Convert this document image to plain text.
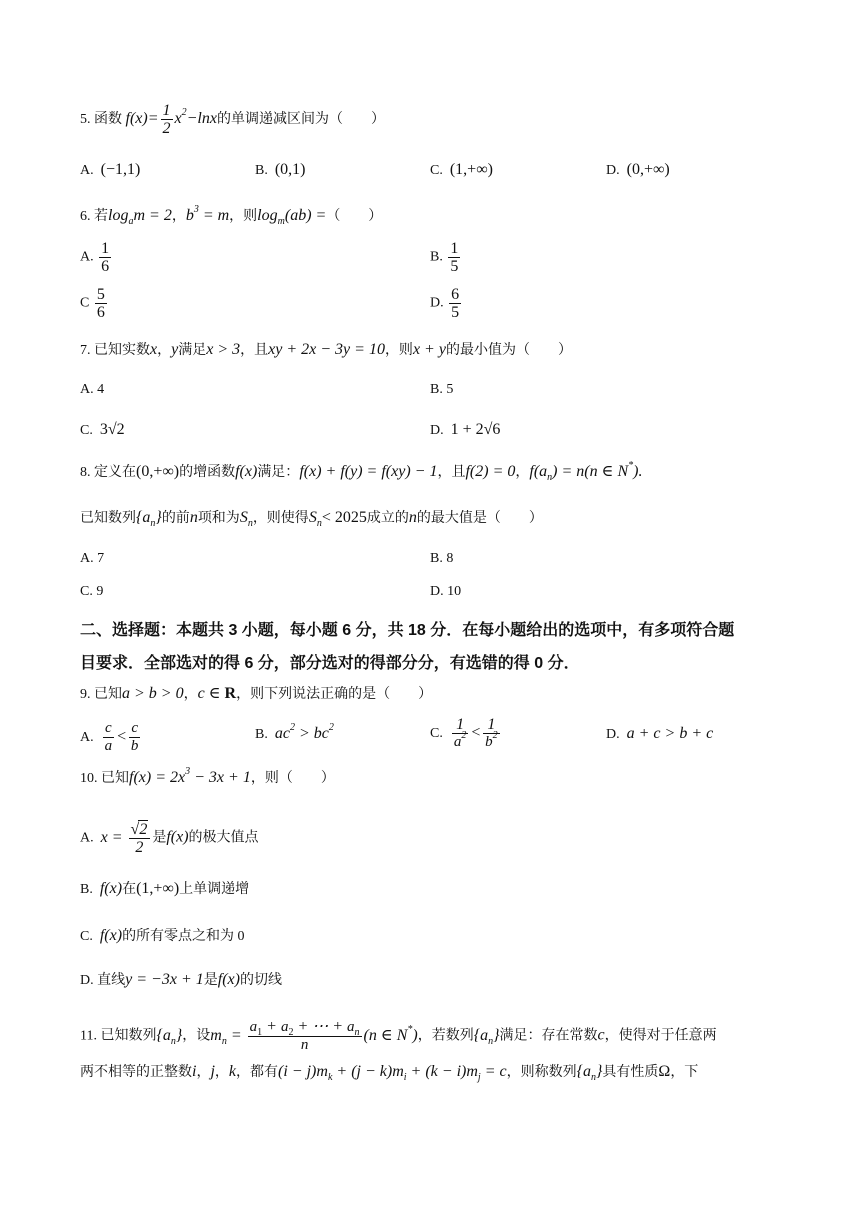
5. 函数 $f(x)= \frac{1}{2} x^2-\ln x$的单调递减区间为（　　）
A. (−1,1)	B. (0,1)	C. (1,+∞)	D. (0,+∞)
6. 若$\log_am = 2$，$b^3 = m$，则$\log_m(ab)$ =（　　）
A. $\frac{1}{6}$	B. $\frac{1}{5}$
C $\frac{5}{6}$	D. $\frac{6}{5}$
7. 已知实数x，y满足x > 3，且xy + 2x − 3y = 10，则x + y的最小值为（　　）
A. 4	B. 5
C. 3√2	D. 1 + 2√6
8. 定义在(0,+∞)的增函数f(x)满足：f(x) + f(y) = f(xy) − 1，且f(2) = 0，$f(a_n) = n(n$ ∈ N*).
已知数列$\{a_n\}$的前n项和为$S_n$，则使得$S_n< 2025$成立的n的最大值是（　　）
A. 7	B. 8
C. 9	D. 10
二、选择题：本题共 3 小题，每小题 6 分，共 18 分．在每小题给出的选项中，有多项符合题
目要求．全部选对的得 6 分，部分选对的得部分分，有选错的得 0 分．
9. 已知a > b > 0，c ∈ R，则下列说法正确的是（　　）
A. $\frac{c}{a} < \frac{c}{b}$	B. $ac^2 > bc^2$	C. $\frac{1}{a^2} < \frac{1}{b^2}$	D. a + c > b + c
10. 已知$f(x) = 2x^3 - 3x + 1$，则（　　）
A. $x = \frac{√2}{2}$ 是f(x)的极大值点
B. f(x)在(1,+∞)上单调递增
C. f(x)的所有零点之和为 0
D. 直线y = −3x + 1是f(x)的切线
11. 已知数列$\{a_n\}$，设$m_n = \frac{a_1 + a_2 + \cdots + a_n}{n} (n$ ∈ N*)，若数列$\{a_n\}$满足：存在常数c，使得对于任意两
两不相等的正整数i，j，k，都有$(i - j)m_k + (j - k)m_i + (k - i)m_j = c$，则称数列$\{a_n\}$具有性质Ω，下
